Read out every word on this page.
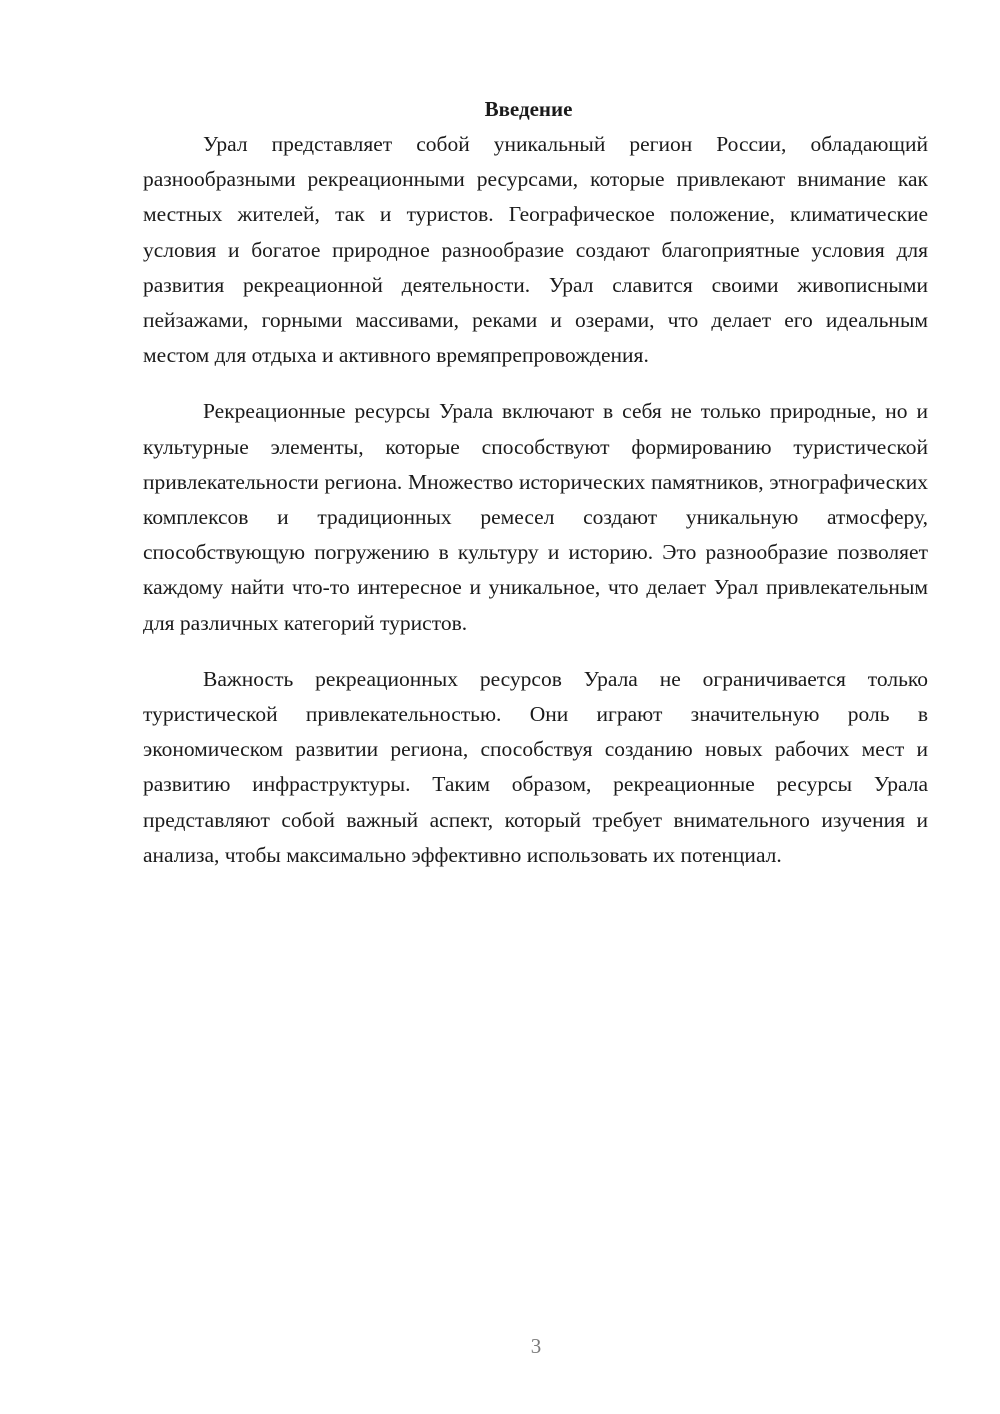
Введение

Урал представляет собой уникальный регион России, обладающий разнообразными рекреационными ресурсами, которые привлекают внимание как местных жителей, так и туристов. Географическое положение, климатические условия и богатое природное разнообразие создают благоприятные условия для развития рекреационной деятельности. Урал славится своими живописными пейзажами, горными массивами, реками и озерами, что делает его идеальным местом для отдыха и активного времяпрепровождения.

Рекреационные ресурсы Урала включают в себя не только природные, но и культурные элементы, которые способствуют формированию туристической привлекательности региона. Множество исторических памятников, этнографических комплексов и традиционных ремесел создают уникальную атмосферу, способствующую погружению в культуру и историю. Это разнообразие позволяет каждому найти что-то интересное и уникальное, что делает Урал привлекательным для различных категорий туристов.

Важность рекреационных ресурсов Урала не ограничивается только туристической привлекательностью. Они играют значительную роль в экономическом развитии региона, способствуя созданию новых рабочих мест и развитию инфраструктуры. Таким образом, рекреационные ресурсы Урала представляют собой важный аспект, который требует внимательного изучения и анализа, чтобы максимально эффективно использовать их потенциал.

3
